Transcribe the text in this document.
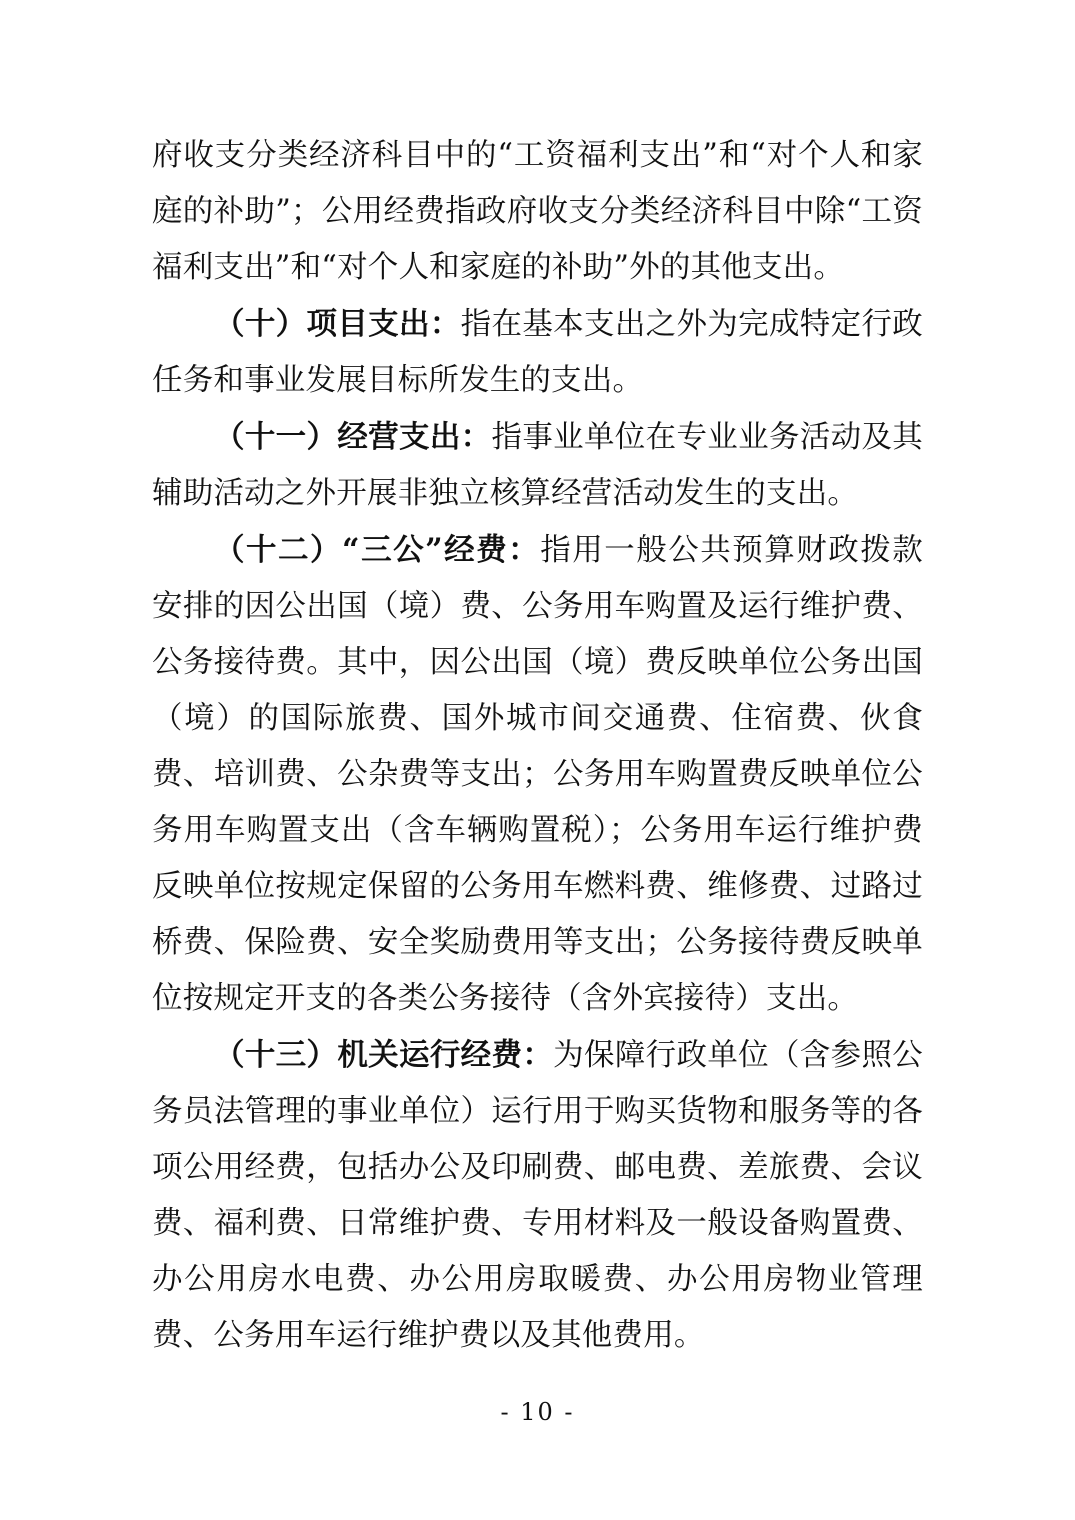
府收支分类经济科目中的“工资福利支出”和“对个人和家庭的补助”；公用经费指政府收支分类经济科目中除“工资福利支出”和“对个人和家庭的补助”外的其他支出。

（十）项目支出：指在基本支出之外为完成特定行政任务和事业发展目标所发生的支出。

（十一）经营支出：指事业单位在专业业务活动及其辅助活动之外开展非独立核算经营活动发生的支出。

（十二）“三公”经费：指用一般公共预算财政拨款安排的因公出国（境）费、公务用车购置及运行维护费、公务接待费。其中，因公出国（境）费反映单位公务出国（境）的国际旅费、国外城市间交通费、住宿费、伙食费、培训费、公杂费等支出；公务用车购置费反映单位公务用车购置支出（含车辆购置税）；公务用车运行维护费反映单位按规定保留的公务用车燃料费、维修费、过路过桥费、保险费、安全奖励费用等支出；公务接待费反映单位按规定开支的各类公务接待（含外宾接待）支出。

（十三）机关运行经费：为保障行政单位（含参照公务员法管理的事业单位）运行用于购买货物和服务等的各项公用经费，包括办公及印刷费、邮电费、差旅费、会议费、福利费、日常维护费、专用材料及一般设备购置费、办公用房水电费、办公用房取暖费、办公用房物业管理费、公务用车运行维护费以及其他费用。

- 10 -
